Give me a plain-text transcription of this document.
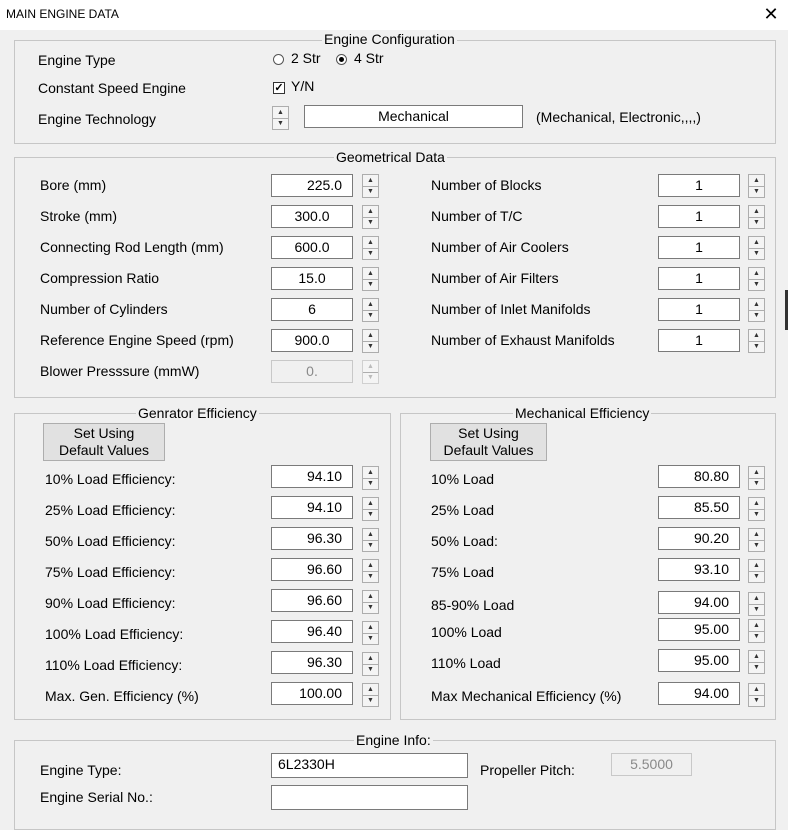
MAIN ENGINE DATA	✕
Engine Configuration
Engine Type	2 Str 4 Str
Constant Speed Engine	✓ Y/N
Engine Technology	▲
▼	Mechanical	(Mechanical, Electronic,,,,)
Geometrical Data
Bore (mm)	225.0	▲
▼
Stroke (mm)	300.0	▲
▼
Connecting Rod Length (mm)	600.0	▲
▼
Compression Ratio	15.0	▲
▼
Number of Cylinders	6	▲
▼
Reference Engine Speed (rpm)	900.0	▲
▼
Blower Presssure (mmW)	0.	▲
▼
Number of Blocks	1	▲
▼
Number of T/C	1	▲
▼
Number of Air Coolers	1	▲
▼
Number of Air Filters	1	▲
▼
Number of Inlet Manifolds	1	▲
▼
Number of Exhaust Manifolds	1	▲
▼
Genrator Efficiency
Set Using
Default Values
10% Load Efficiency:	94.10	▲
▼
25% Load Efficiency:	94.10	▲
▼
50% Load Efficiency:	96.30	▲
▼
75% Load Efficiency:	96.60	▲
▼
90% Load Efficiency:	96.60	▲
▼
100% Load Efficiency:	96.40	▲
▼
110% Load Efficiency:	96.30	▲
▼
Max. Gen. Efficiency (%)	100.00	▲
▼
Mechanical Efficiency
Set Using
Default Values
10% Load	80.80	▲
▼
25% Load	85.50	▲
▼
50% Load:	90.20	▲
▼
75% Load	93.10	▲
▼
85-90% Load	94.00	▲
▼
100% Load	95.00	▲
▼
110% Load	95.00	▲
▼
Max Mechanical Efficiency (%)	94.00	▲
▼
Engine Info:
Engine Type:	6L2330H	Propeller Pitch:	5.5000
Engine Serial No.:
